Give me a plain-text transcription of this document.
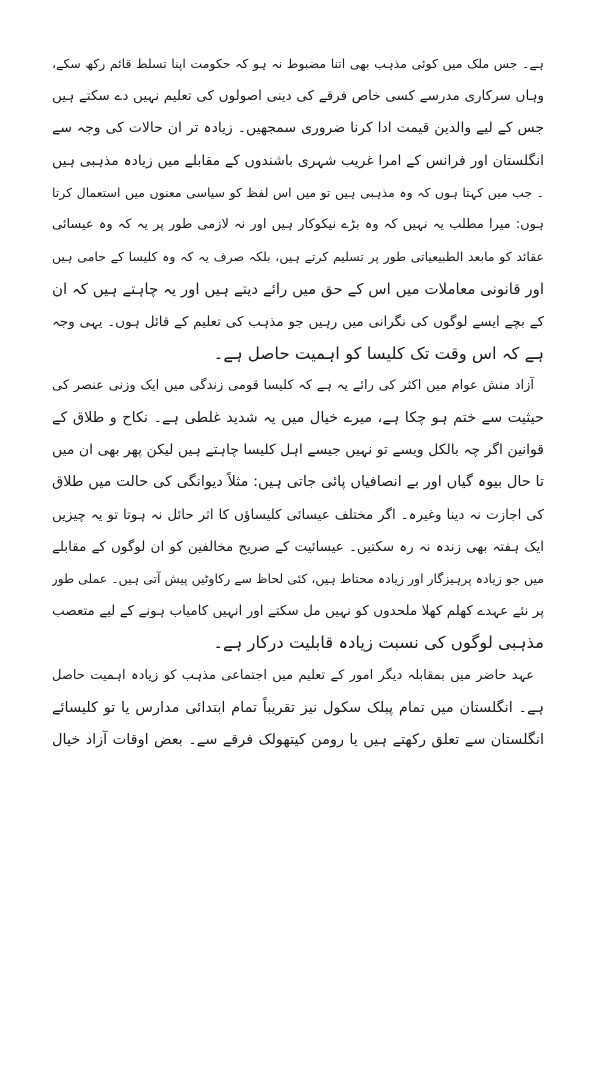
ہے۔ جس ملک میں کوئی مذہب بھی اتنا مضبوط نہ ہو کہ حکومت اپنا تسلط قائم رکھ سکے،
وہاں سرکاری مدرسے کسی خاص فرقے کی دینی اصولوں کی تعلیم نہیں دے سکتے ہیں
جس کے لیے والدین قیمت ادا کرنا ضروری سمجھیں۔ زیادہ تر ان حالات کی وجہ سے
انگلستان اور فرانس کے امرا غریب شہری باشندوں کے مقابلے میں زیادہ مذہبی ہیں
۔ جب میں کہتا ہوں کہ وہ مذہبی ہیں تو میں اس لفظ کو سیاسی معنوں میں استعمال کرتا
ہوں: میرا مطلب یہ نہیں کہ وہ بڑے نیکوکار ہیں اور نہ لازمی طور پر یہ کہ وہ عیسائی
عقائد کو مابعد الطبیعیاتی طور پر تسلیم کرتے ہیں، بلکہ صرف یہ کہ وہ کلیسا کے حامی ہیں
اور قانونی معاملات میں اس کے حق میں رائے دیتے ہیں اور یہ چاہتے ہیں کہ ان
کے بچے ایسے لوگوں کی نگرانی میں رہیں جو مذہب کی تعلیم کے قائل ہوں۔ یہی وجہ
ہے کہ اس وقت تک کلیسا کو اہمیت حاصل ہے۔
آزاد منش عوام میں اکثر کی رائے یہ ہے کہ کلیسا قومی زندگی میں ایک وزنی عنصر کی
حیثیت سے ختم ہو چکا ہے، میرے خیال میں یہ شدید غلطی ہے۔ نکاح و طلاق کے
قوانین اگر چہ بالکل ویسے تو نہیں جیسے اہل کلیسا چاہتے ہیں لیکن پھر بھی ان میں
تا حال بیوہ گیاں اور بے انصافیاں پائی جاتی ہیں: مثلاً دیوانگی کی حالت میں طلاق
کی اجازت نہ دینا وغیرہ۔ اگر مختلف عیسائی کلیساؤں کا اثر حائل نہ ہوتا تو یہ چیزیں
ایک ہفتہ بھی زندہ نہ رہ سکتیں۔ عیسائیت کے صریح مخالفین کو ان لوگوں کے مقابلے
میں جو زیادہ پرہیزگار اور زیادہ محتاط ہیں، کئی لحاظ سے رکاوٹیں پیش آتی ہیں۔ عملی طور
پر نئے عہدے کھلم کھلا ملحدوں کو نہیں مل سکتے اور انہیں کامیاب ہونے کے لیے متعصب
مذہبی لوگوں کی نسبت زیادہ قابلیت درکار ہے۔
عہد حاضر میں بمقابلہ دیگر امور کے تعلیم میں اجتماعی مذہب کو زیادہ اہمیت حاصل
ہے۔ انگلستان میں تمام پبلک سکول نیز تقریباً تمام ابتدائی مدارس یا تو کلیسائے
انگلستان سے تعلق رکھتے ہیں یا رومن کیتھولک فرقے سے۔ بعض اوقات آزاد خیال
